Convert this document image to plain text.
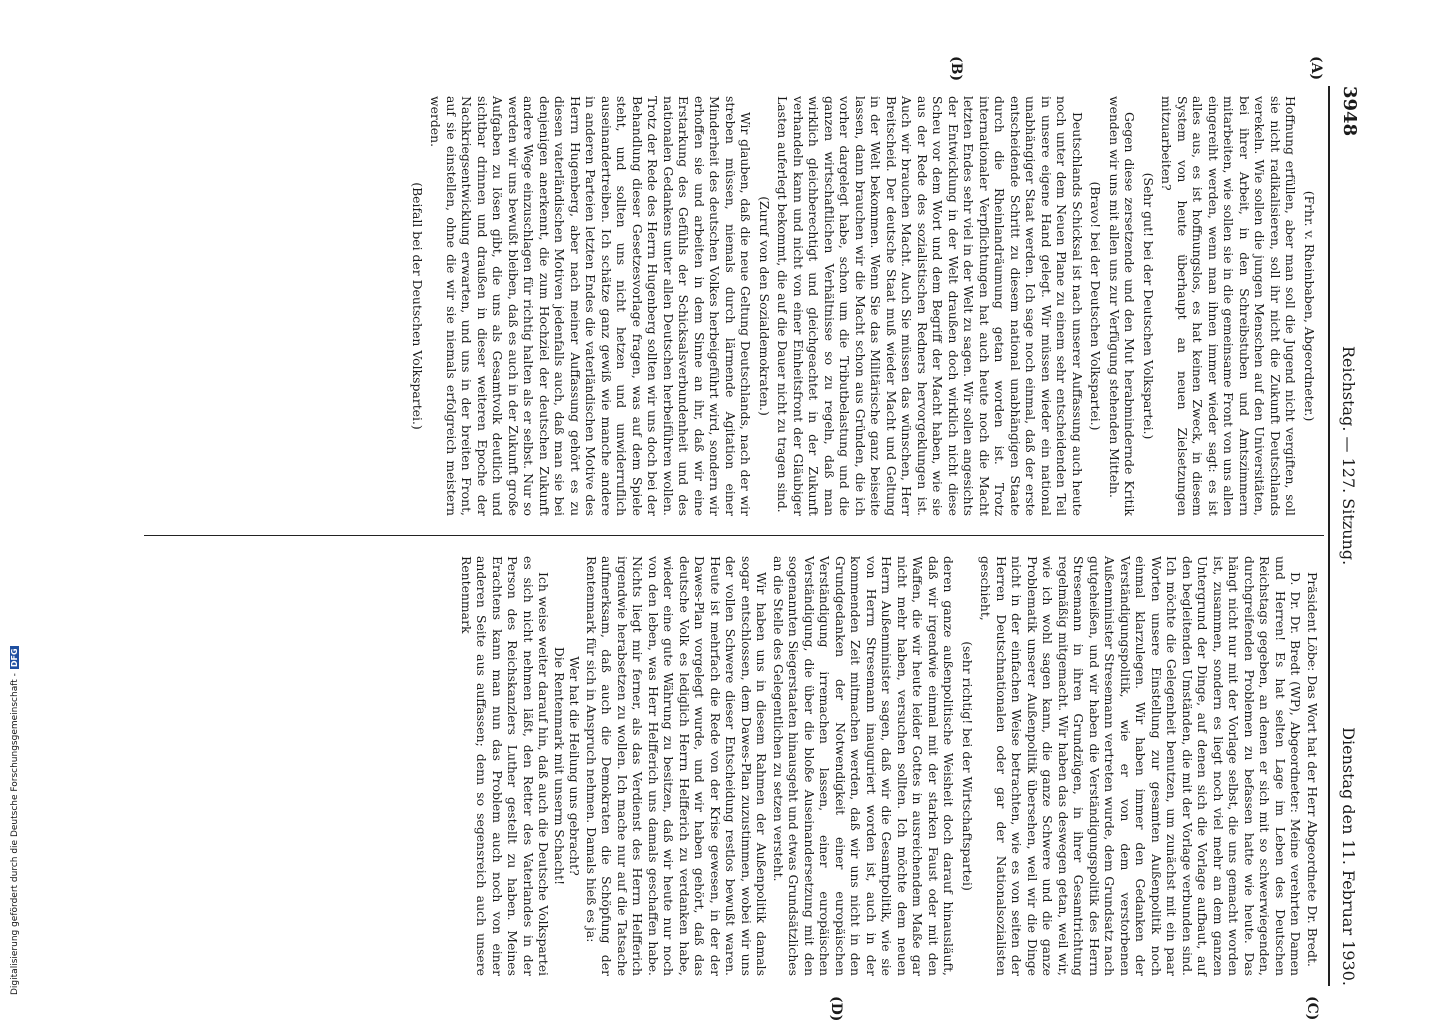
Digitalisierung gefördert durch die Deutsche Forschungsgemeinschaft -DFG
3948
Reichstag. — 127. Sitzung.
Dienstag den 11. Februar 1930.
(A)
(B)
(C)
(D)

(Frhr. v. Rheinbaben, Abgeordneter.)

Hoffnung erfüllen, aber man soll die Jugend nicht vergiften, soll sie nicht radikalisieren, soll ihr nicht die Zukunft Deutschlands verekeln. Wie sollen die jungen Menschen auf den Universitäten, bei ihrer Arbeit, in den Schreibstuben und Amtszimmern mitarbeiten, wie sollen sie in die gemeinsame Front von uns allen eingereiht werden, wenn man ihnen immer wieder sagt: es ist alles aus, es ist hoffnungslos, es hat keinen Zweck, in diesem System von heute überhaupt an neuen Zielsetzungen mitzuarbeiten?

(Sehr gut! bei der Deutschen Volkspartei.)

Gegen diese zersetzende und den Mut herabmindernde Kritik wenden wir uns mit allen uns zur Verfügung stehenden Mitteln.

(Bravo! bei der Deutschen Volkspartei.)

Deutschlands Schicksal ist nach unserer Auffassung auch heute noch unter dem Neuen Plane zu einem sehr entscheidenden Teil in unsere eigene Hand gelegt. Wir müssen wieder ein national unabhängiger Staat werden. Ich sage noch einmal, daß der erste entscheidende Schritt zu diesem national unabhängigen Staate durch die Rheinlandräumung getan worden ist. Trotz internationaler Verpflichtungen hat auch heute noch die Macht letzten Endes sehr viel in der Welt zu sagen. Wir sollen angesichts der Entwicklung in der Welt draußen doch wirklich nicht diese Scheu vor dem Wort und dem Begriff der Macht haben, wie sie aus der Rede des sozialistischen Redners hervorgeklungen ist. Auch wir brauchen Macht. Auch Sie müssen das wünschen, Herr Breitscheid. Der deutsche Staat muß wieder Macht und Geltung in der Welt bekommen. Wenn Sie das Militärische ganz beiseite lassen, dann brauchen wir die Macht schon aus Gründen, die ich vorher dargelegt habe, schon um die Tributbelastung und die ganzen wirtschaftlichen Verhältnisse so zu regeln, daß man wirklich gleichberechtigt und gleichgeachtet in der Zukunft verhandeln kann und nicht von einer Einheitsfront der Gläubiger Lasten auferlegt bekommt, die auf die Dauer nicht zu tragen sind.

(Zuruf von den Sozialdemokraten.)

Wir glauben, daß die neue Geltung Deutschlands, nach der wir streben müssen, niemals durch lärmende Agitation einer Minderheit des deutschen Volkes herbeigeführt wird, sondern wir erhoffen sie und arbeiten in dem Sinne an ihr, daß wir eine Erstarkung des Gefühls der Schicksalsverbundenheit und des nationalen Gedankens unter allen Deutschen herbeiführen wollen. Trotz der Rede des Herrn Hugenberg sollten wir uns doch bei der Behandlung dieser Gesetzesvorlage fragen, was auf dem Spiele steht, und sollten uns nicht hetzen und unwiderruflich auseinandertreiben. Ich schätze ganz gewiß wie manche andere in anderen Parteien letzten Endes die vaterländischen Motive des Herrn Hugenberg, aber nach meiner Auffassung gehört es zu diesen vaterländischen Motiven jedenfalls auch, daß man sie bei denjenigen anerkennt, die zum Hochziel der deutschen Zukunft andere Wege einzuschlagen für richtig halten als er selbst. Nur so werden wir uns bewußt bleiben, daß es auch in der Zukunft große Aufgaben zu lösen gibt, die uns als Gesamtvolk deutlich und sichtbar drinnen und draußen in dieser weiteren Epoche der Nachkriegsentwicklung erwarten, und uns in der breiten Front, auf sie einstellen, ohne die wir sie niemals erfolgreich meistern werden.

(Beifall bei der Deutschen Volkspartei.)

Präsident Löbe: Das Wort hat der Herr Abgeordnete Dr. Bredt.

D. Dr. Dr. Bredt (WP), Abgeordneter: Meine verehrten Damen und Herren! Es hat selten Lage im Leben des Deutschen Reichstags gegeben, an denen er sich mit so schwerwiegenden, durchgreifenden Problemen zu befassen hatte wie heute. Das hängt nicht nur mit der Vorlage selbst, die uns gemacht worden ist, zusammen, sondern es liegt noch viel mehr an dem ganzen Untergrund der Dinge, auf denen sich die Vorlage aufbaut, auf den begleitenden Umständen, die mit der Vorlage verbunden sind. Ich möchte die Gelegenheit benutzen, um zunächst mit ein paar Worten unsere Einstellung zur gesamten Außenpolitik noch einmal klarzulegen. Wir haben immer den Gedanken der Verständigungspolitik, wie er von dem verstorbenen Außenminister Stresemann vertreten wurde, dem Grundsatz nach gutgeheißen, und wir haben die Verständigungspolitik des Herrn Stresemann in ihren Grundzügen, in ihrer Gesamtrichtung regelmäßig mitgemacht. Wir haben das deswegen getan, weil wir, wie ich wohl sagen kann, die ganze Schwere und die ganze Problematik unserer Außenpolitik übersehen, weil wir die Dinge nicht in der einfachen Weise betrachten, wie es von seiten der Herren Deutschnationalen oder gar der Nationalsozialisten geschieht,

(sehr richtig! bei der Wirtschaftspartei)

deren ganze außenpolitische Weisheit doch darauf hinausläuft, daß wir irgendwie einmal mit der starken Faust oder mit den Waffen, die wir heute leider Gottes in ausreichendem Maße gar nicht mehr haben, versuchen sollten. Ich möchte dem neuen Herrn Außenminister sagen, daß wir die Gesamtpolitik, wie sie von Herrn Stresemann inauguriert worden ist, auch in der kommenden Zeit mitmachen werden, daß wir uns nicht in den Grundgedanken der Notwendigkeit einer europäischen Verständigung irremachen lassen, einer europäischen Verständigung, die über die bloße Auseinandersetzung mit den sogenannten Siegerstaaten hinausgeht und etwas Grundsätzliches an die Stelle des Gelegentlichen zu setzen versteht.

Wir haben uns in diesem Rahmen der Außenpolitik damals sogar entschlossen, dem Dawes-Plan zuzustimmen, wobei wir uns der vollen Schwere dieser Entscheidung restlos bewußt waren. Heute ist mehrfach die Rede von der Krise gewesen, in der der Dawes-Plan vorgelegt wurde, und wir haben gehört, daß das deutsche Volk es lediglich Herrn Helfferich zu verdanken habe, wieder eine gute Währung zu besitzen, daß wir heute nur noch von den leben, was Herr Helfferich uns damals geschaffen habe. Nichts liegt mir ferner, als das Verdienst des Herrn Helfferich irgendwie herabsetzen zu wollen. Ich mache nur auf die Tatsache aufmerksam, daß auch die Demokraten die Schöpfung der Rentenmark für sich in Anspruch nehmen. Damals hieß es ja:

Wer hat die Heilung uns gebracht?

Die Rentenmark mit unserm Schacht!

Ich weise weiter darauf hin, daß auch die Deutsche Volkspartei es sich nicht nehmen läßt, den Retter des Vaterlandes in der Person des Reichskanzlers Luther gestellt zu haben. Meines Erachtens kann man nun das Problem auch noch von einer anderen Seite aus auffassen; denn so segensreich auch unsere Rentenmark
